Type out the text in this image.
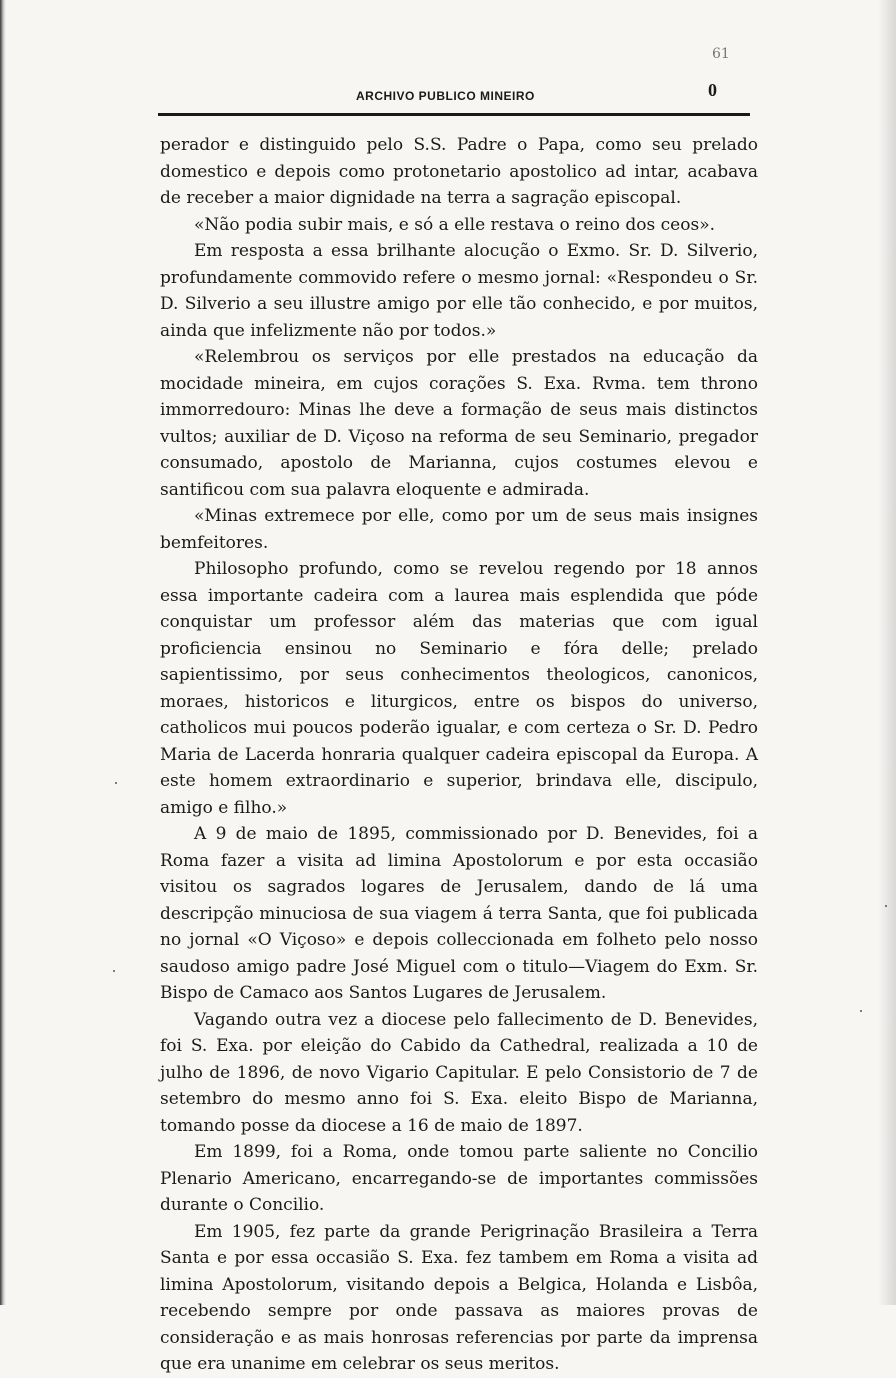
61
ARCHIVO PUBLICO MINEIRO	0

perador e distinguido pelo S.S. Padre o Papa, como seu prelado domestico e depois como protonetario apostolico ad intar, acabava de receber a maior dignidade na terra a sagração episcopal.

«Não podia subir mais, e só a elle restava o reino dos ceos».

Em resposta a essa brilhante alocução o Exmo. Sr. D. Silverio, profundamente commovido refere o mesmo jornal: «Respondeu o Sr. D. Silverio a seu illustre amigo por elle tão conhecido, e por muitos, ainda que infelizmente não por todos.»

«Relembrou os serviços por elle prestados na educação da mocidade mineira, em cujos corações S. Exa. Rvma. tem throno immorredouro: Minas lhe deve a formação de seus mais distinctos vultos; auxiliar de D. Viçoso na reforma de seu Seminario, pregador consumado, apostolo de Marianna, cujos costumes elevou e santificou com sua palavra eloquente e admirada.

«Minas extremece por elle, como por um de seus mais insignes bemfeitores.

Philosopho profundo, como se revelou regendo por 18 annos essa importante cadeira com a laurea mais esplendida que póde conquistar um professor além das materias que com igual proficiencia ensinou no Seminario e fóra delle; prelado sapientissimo, por seus conhecimentos theologicos, canonicos, moraes, historicos e liturgicos, entre os bispos do universo, catholicos mui poucos poderão igualar, e com certeza o Sr. D. Pedro Maria de Lacerda honraria qualquer cadeira episcopal da Europa. A este homem extraordinario e superior, brindava elle, discipulo, amigo e filho.»

A 9 de maio de 1895, commissionado por D. Benevides, foi a Roma fazer a visita ad limina Apostolorum e por esta occasião visitou os sagrados logares de Jerusalem, dando de lá uma descripção minuciosa de sua viagem á terra Santa, que foi publicada no jornal «O Viçoso» e depois colleccionada em folheto pelo nosso saudoso amigo padre José Miguel com o titulo—Viagem do Exm. Sr. Bispo de Camaco aos Santos Lugares de Jerusalem.

Vagando outra vez a diocese pelo fallecimento de D. Benevides, foi S. Exa. por eleição do Cabido da Cathedral, realizada a 10 de julho de 1896, de novo Vigario Capitular. E pelo Consistorio de 7 de setembro do mesmo anno foi S. Exa. eleito Bispo de Marianna, tomando posse da diocese a 16 de maio de 1897.

Em 1899, foi a Roma, onde tomou parte saliente no Concilio Plenario Americano, encarregando-se de importantes commissões durante o Concilio.

Em 1905, fez parte da grande Perigrinação Brasileira a Terra Santa e por essa occasião S. Exa. fez tambem em Roma a visita ad limina Apostolorum, visitando depois a Belgica, Holanda e Lisbôa, recebendo sempre por onde passava as maiores provas de consideração e as mais honrosas referencias por parte da imprensa que era unanime em celebrar os seus meritos.
